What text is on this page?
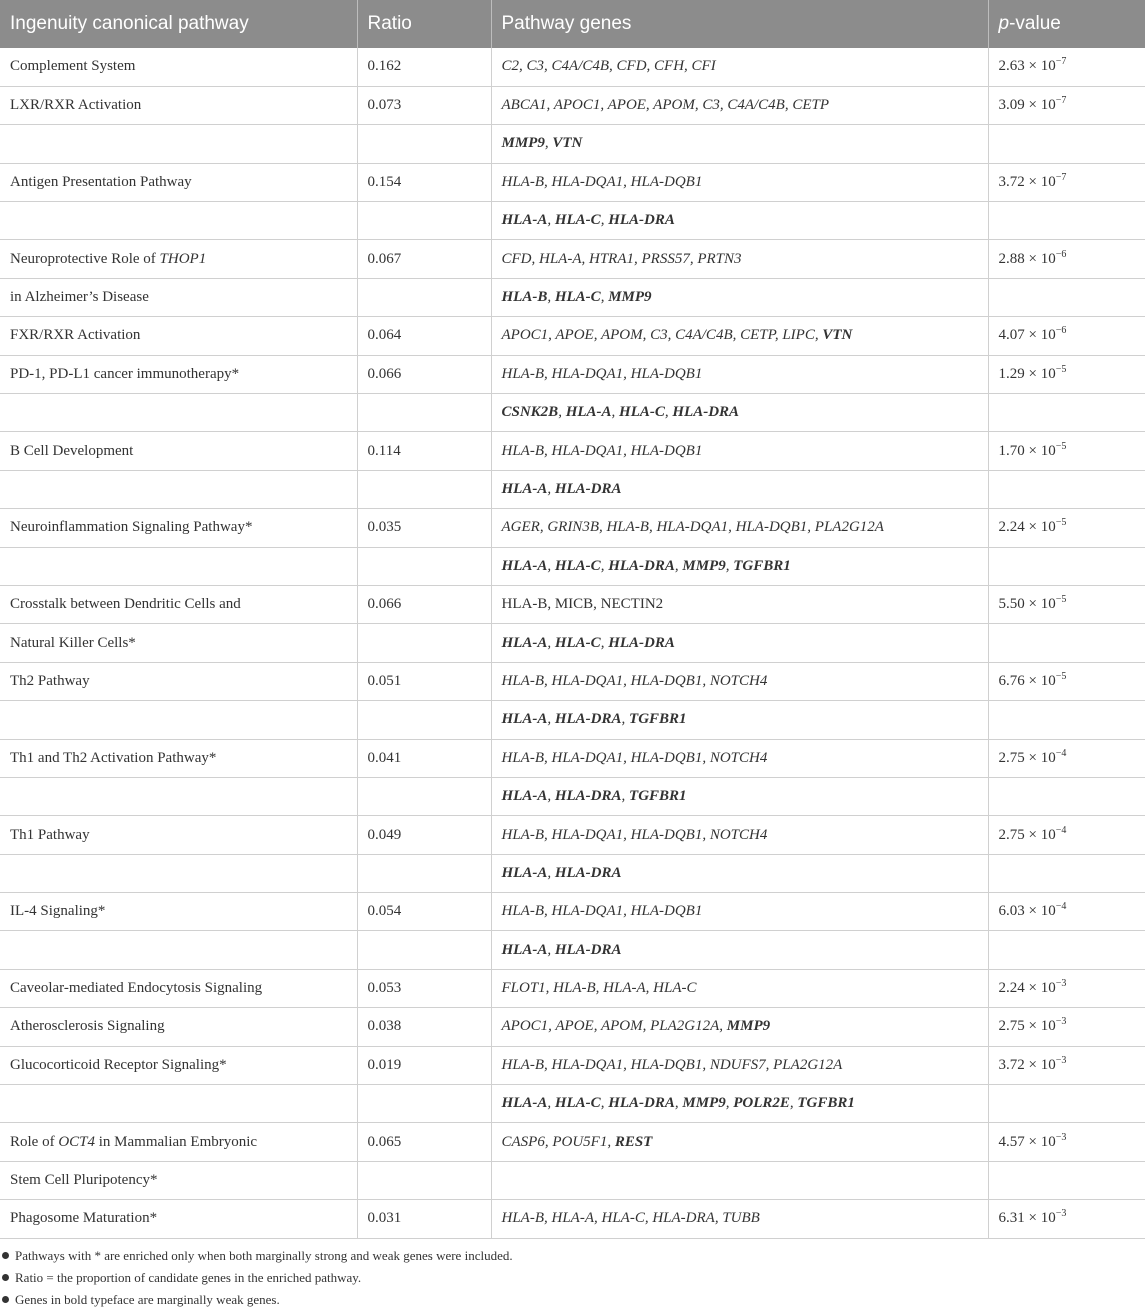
Ingenuity canonical pathway	Ratio	Pathway genes	p-value
Complement System	0.162	C2, C3, C4A/C4B, CFD, CFH, CFI	$2.63 \times 10^{-7}$
LXR/RXR Activation	0.073	ABCA1, APOC1, APOE, APOM, C3, C4A/C4B, CETP	$3.09 \times 10^{-7}$
		MMP9, VTN	
Antigen Presentation Pathway	0.154	HLA-B, HLA-DQA1, HLA-DQB1	$3.72 \times 10^{-7}$
		HLA-A, HLA-C, HLA-DRA	
Neuroprotective Role of THOP1	0.067	CFD, HLA-A, HTRA1, PRSS57, PRTN3	$2.88 \times 10^{-6}$
in Alzheimer’s Disease		HLA-B, HLA-C, MMP9	
FXR/RXR Activation	0.064	APOC1, APOE, APOM, C3, C4A/C4B, CETP, LIPC, VTN	$4.07 \times 10^{-6}$
PD-1, PD-L1 cancer immunotherapy*	0.066	HLA-B, HLA-DQA1, HLA-DQB1	$1.29 \times 10^{-5}$
		CSNK2B, HLA-A, HLA-C, HLA-DRA	
B Cell Development	0.114	HLA-B, HLA-DQA1, HLA-DQB1	$1.70 \times 10^{-5}$
		HLA-A, HLA-DRA	
Neuroinflammation Signaling Pathway*	0.035	AGER, GRIN3B, HLA-B, HLA-DQA1, HLA-DQB1, PLA2G12A	$2.24 \times 10^{-5}$
		HLA-A, HLA-C, HLA-DRA, MMP9, TGFBR1	
Crosstalk between Dendritic Cells and	0.066	HLA-B, MICB, NECTIN2	$5.50 \times 10^{-5}$
Natural Killer Cells*		HLA-A, HLA-C, HLA-DRA	
Th2 Pathway	0.051	HLA-B, HLA-DQA1, HLA-DQB1, NOTCH4	$6.76 \times 10^{-5}$
		HLA-A, HLA-DRA, TGFBR1	
Th1 and Th2 Activation Pathway*	0.041	HLA-B, HLA-DQA1, HLA-DQB1, NOTCH4	$2.75 \times 10^{-4}$
		HLA-A, HLA-DRA, TGFBR1	
Th1 Pathway	0.049	HLA-B, HLA-DQA1, HLA-DQB1, NOTCH4	$2.75 \times 10^{-4}$
		HLA-A, HLA-DRA	
IL-4 Signaling*	0.054	HLA-B, HLA-DQA1, HLA-DQB1	$6.03 \times 10^{-4}$
		HLA-A, HLA-DRA	
Caveolar-mediated Endocytosis Signaling	0.053	FLOT1, HLA-B, HLA-A, HLA-C	$2.24 \times 10^{-3}$
Atherosclerosis Signaling	0.038	APOC1, APOE, APOM, PLA2G12A, MMP9	$2.75 \times 10^{-3}$
Glucocorticoid Receptor Signaling*	0.019	HLA-B, HLA-DQA1, HLA-DQB1, NDUFS7, PLA2G12A	$3.72 \times 10^{-3}$
		HLA-A, HLA-C, HLA-DRA, MMP9, POLR2E, TGFBR1	
Role of OCT4 in Mammalian Embryonic	0.065	CASP6, POU5F1, REST	$4.57 \times 10^{-3}$
Stem Cell Pluripotency*			
Phagosome Maturation*	0.031	HLA-B, HLA-A, HLA-C, HLA-DRA, TUBB	$6.31 \times 10^{-3}$
Pathways with * are enriched only when both marginally strong and weak genes were included.
Ratio = the proportion of candidate genes in the enriched pathway.
Genes in bold typeface are marginally weak genes.
